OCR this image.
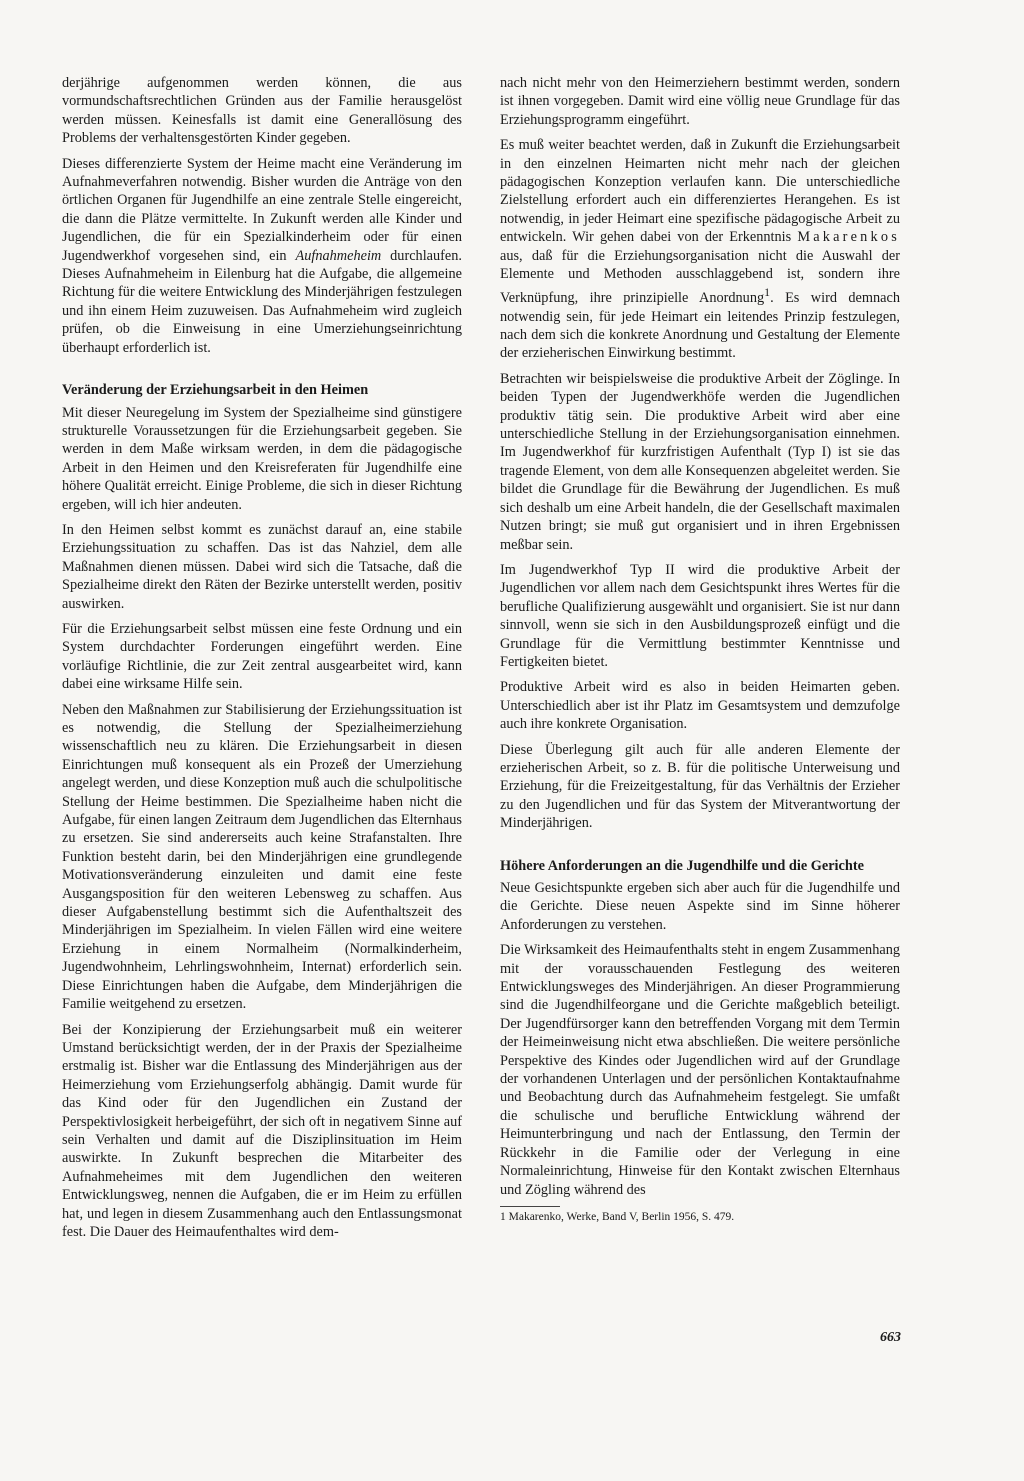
derjährige aufgenommen werden können, die aus vormundschaftsrechtlichen Gründen aus der Familie herausgelöst werden müssen. Keinesfalls ist damit eine Generallösung des Problems der verhaltensgestörten Kinder gegeben.

Dieses differenzierte System der Heime macht eine Veränderung im Aufnahmeverfahren notwendig. Bisher wurden die Anträge von den örtlichen Organen für Jugendhilfe an eine zentrale Stelle eingereicht, die dann die Plätze vermittelte. In Zukunft werden alle Kinder und Jugendlichen, die für ein Spezialkinderheim oder für einen Jugendwerkhof vorgesehen sind, ein Aufnahmeheim durchlaufen. Dieses Aufnahmeheim in Eilenburg hat die Aufgabe, die allgemeine Richtung für die weitere Entwicklung des Minderjährigen festzulegen und ihn einem Heim zuzuweisen. Das Aufnahmeheim wird zugleich prüfen, ob die Einweisung in eine Umerziehungseinrichtung überhaupt erforderlich ist.

Veränderung der Erziehungsarbeit in den Heimen

Mit dieser Neuregelung im System der Spezialheime sind günstigere strukturelle Voraussetzungen für die Erziehungsarbeit gegeben. Sie werden in dem Maße wirksam werden, in dem die pädagogische Arbeit in den Heimen und den Kreisreferaten für Jugendhilfe eine höhere Qualität erreicht. Einige Probleme, die sich in dieser Richtung ergeben, will ich hier andeuten.

In den Heimen selbst kommt es zunächst darauf an, eine stabile Erziehungssituation zu schaffen. Das ist das Nahziel, dem alle Maßnahmen dienen müssen. Dabei wird sich die Tatsache, daß die Spezialheime direkt den Räten der Bezirke unterstellt werden, positiv auswirken.

Für die Erziehungsarbeit selbst müssen eine feste Ordnung und ein System durchdachter Forderungen eingeführt werden. Eine vorläufige Richtlinie, die zur Zeit zentral ausgearbeitet wird, kann dabei eine wirksame Hilfe sein.

Neben den Maßnahmen zur Stabilisierung der Erziehungssituation ist es notwendig, die Stellung der Spezialheimerziehung wissenschaftlich neu zu klären. Die Erziehungsarbeit in diesen Einrichtungen muß konsequent als ein Prozeß der Umerziehung angelegt werden, und diese Konzeption muß auch die schulpolitische Stellung der Heime bestimmen. Die Spezialheime haben nicht die Aufgabe, für einen langen Zeitraum dem Jugendlichen das Elternhaus zu ersetzen. Sie sind andererseits auch keine Strafanstalten. Ihre Funktion besteht darin, bei den Minderjährigen eine grundlegende Motivationsveränderung einzuleiten und damit eine feste Ausgangsposition für den weiteren Lebensweg zu schaffen. Aus dieser Aufgabenstellung bestimmt sich die Aufenthaltszeit des Minderjährigen im Spezialheim. In vielen Fällen wird eine weitere Erziehung in einem Normalheim (Normalkinderheim, Jugendwohnheim, Lehrlingswohnheim, Internat) erforderlich sein. Diese Einrichtungen haben die Aufgabe, dem Minderjährigen die Familie weitgehend zu ersetzen.

Bei der Konzipierung der Erziehungsarbeit muß ein weiterer Umstand berücksichtigt werden, der in der Praxis der Spezialheime erstmalig ist. Bisher war die Entlassung des Minderjährigen aus der Heimerziehung vom Erziehungserfolg abhängig. Damit wurde für das Kind oder für den Jugendlichen ein Zustand der Perspektivlosigkeit herbeigeführt, der sich oft in negativem Sinne auf sein Verhalten und damit auf die Disziplinsituation im Heim auswirkte. In Zukunft besprechen die Mitarbeiter des Aufnahmeheimes mit dem Jugendlichen den weiteren Entwicklungsweg, nennen die Aufgaben, die er im Heim zu erfüllen hat, und legen in diesem Zusammenhang auch den Entlassungsmonat fest. Die Dauer des Heimaufenthaltes wird dem-

nach nicht mehr von den Heimerziehern bestimmt werden, sondern ist ihnen vorgegeben. Damit wird eine völlig neue Grundlage für das Erziehungsprogramm eingeführt.

Es muß weiter beachtet werden, daß in Zukunft die Erziehungsarbeit in den einzelnen Heimarten nicht mehr nach der gleichen pädagogischen Konzeption verlaufen kann. Die unterschiedliche Zielstellung erfordert auch ein differenziertes Herangehen. Es ist notwendig, in jeder Heimart eine spezifische pädagogische Arbeit zu entwickeln. Wir gehen dabei von der Erkenntnis Makarenkos aus, daß für die Erziehungsorganisation nicht die Auswahl der Elemente und Methoden ausschlaggebend ist, sondern ihre Verknüpfung, ihre prinzipielle Anordnung$^1$. Es wird demnach notwendig sein, für jede Heimart ein leitendes Prinzip festzulegen, nach dem sich die konkrete Anordnung und Gestaltung der Elemente der erzieherischen Einwirkung bestimmt.

Betrachten wir beispielsweise die produktive Arbeit der Zöglinge. In beiden Typen der Jugendwerkhöfe werden die Jugendlichen produktiv tätig sein. Die produktive Arbeit wird aber eine unterschiedliche Stellung in der Erziehungsorganisation einnehmen. Im Jugendwerkhof für kurzfristigen Aufenthalt (Typ I) ist sie das tragende Element, von dem alle Konsequenzen abgeleitet werden. Sie bildet die Grundlage für die Bewährung der Jugendlichen. Es muß sich deshalb um eine Arbeit handeln, die der Gesellschaft maximalen Nutzen bringt; sie muß gut organisiert und in ihren Ergebnissen meßbar sein.

Im Jugendwerkhof Typ II wird die produktive Arbeit der Jugendlichen vor allem nach dem Gesichtspunkt ihres Wertes für die berufliche Qualifizierung ausgewählt und organisiert. Sie ist nur dann sinnvoll, wenn sie sich in den Ausbildungsprozeß einfügt und die Grundlage für die Vermittlung bestimmter Kenntnisse und Fertigkeiten bietet.

Produktive Arbeit wird es also in beiden Heimarten geben. Unterschiedlich aber ist ihr Platz im Gesamtsystem und demzufolge auch ihre konkrete Organisation.

Diese Überlegung gilt auch für alle anderen Elemente der erzieherischen Arbeit, so z. B. für die politische Unterweisung und Erziehung, für die Freizeitgestaltung, für das Verhältnis der Erzieher zu den Jugendlichen und für das System der Mitverantwortung der Minderjährigen.

Höhere Anforderungen an die Jugendhilfe und die Gerichte

Neue Gesichtspunkte ergeben sich aber auch für die Jugendhilfe und die Gerichte. Diese neuen Aspekte sind im Sinne höherer Anforderungen zu verstehen.

Die Wirksamkeit des Heimaufenthalts steht in engem Zusammenhang mit der vorausschauenden Festlegung des weiteren Entwicklungsweges des Minderjährigen. An dieser Programmierung sind die Jugendhilfeorgane und die Gerichte maßgeblich beteiligt. Der Jugendfürsorger kann den betreffenden Vorgang mit dem Termin der Heimeinweisung nicht etwa abschließen. Die weitere persönliche Perspektive des Kindes oder Jugendlichen wird auf der Grundlage der vorhandenen Unterlagen und der persönlichen Kontaktaufnahme und Beobachtung durch das Aufnahmeheim festgelegt. Sie umfaßt die schulische und berufliche Entwicklung während der Heimunterbringung und nach der Entlassung, den Termin der Rückkehr in die Familie oder der Verlegung in eine Normaleinrichtung, Hinweise für den Kontakt zwischen Elternhaus und Zögling während des

1 Makarenko, Werke, Band V, Berlin 1956, S. 479.
663
